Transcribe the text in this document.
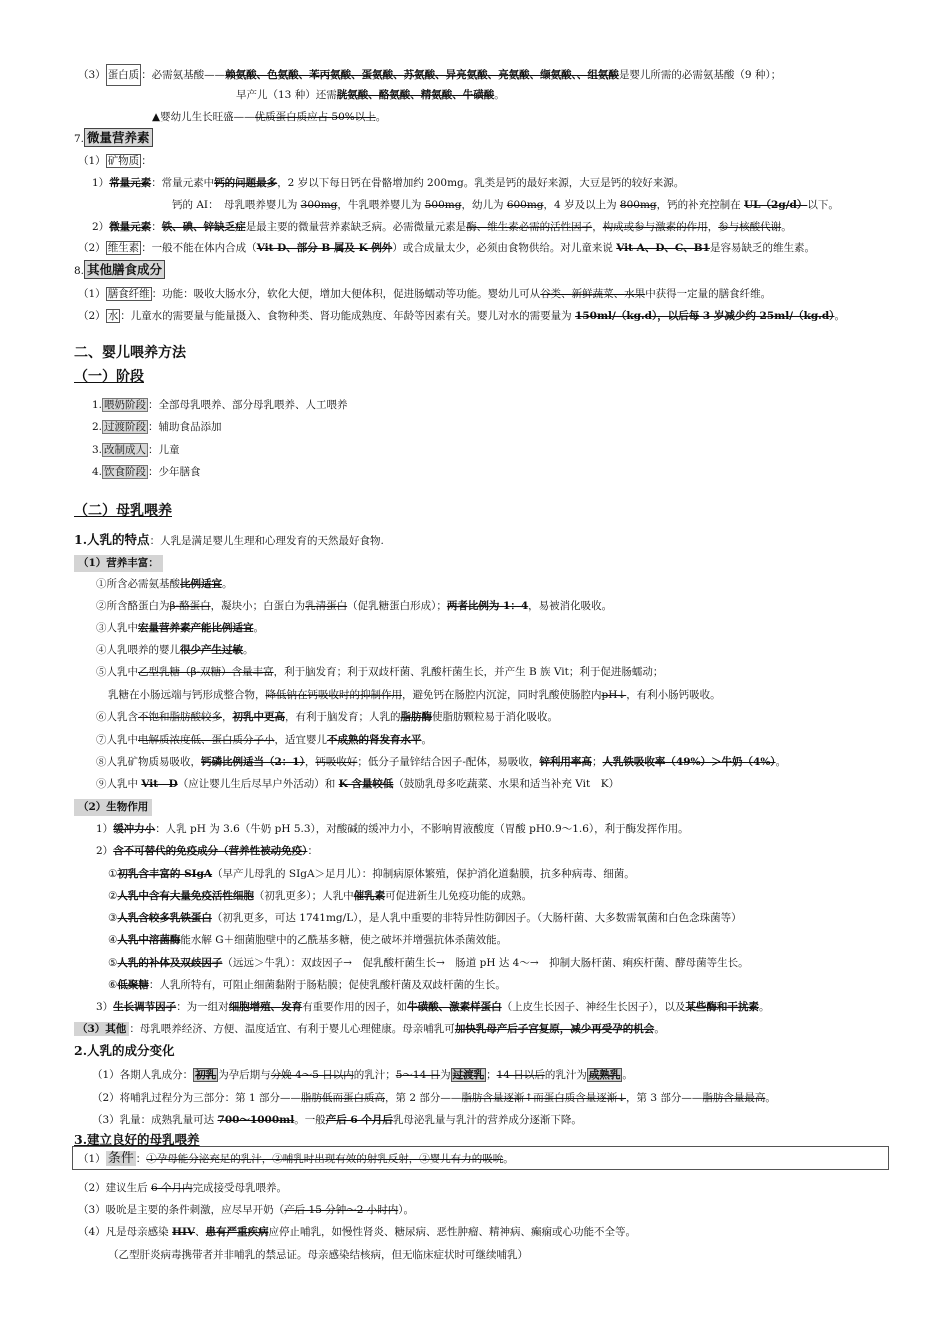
（3） 蛋白质 ：必需氨基酸——赖氨酸、色氨酸、苯丙氨酸、蛋氨酸、苏氨酸、异亮氨酸、亮氨酸、缬氨酸、、组氨酸是婴儿所需的必需氨基酸（9 种）；
早产儿（13 种）还需胱氨酸、酪氨酸、精氨酸、牛磺酸。
▲婴幼儿生长旺盛——优质蛋白质应占 50%以上。
7. 微量营养素
（1） 矿物质 ：
1）常量元素：常量元素中钙的问题最多，2 岁以下每日钙在骨骼增加约 200mg。乳类是钙的最好来源，大豆是钙的较好来源。
钙的 AI：　母乳喂养婴儿为 300mg，牛乳喂养婴儿为 500mg，幼儿为 600mg，4 岁及以上为 800mg，钙的补充控制在 UL（2g/d）以下。
2）微量元素：铁、碘、锌缺乏症是最主要的微量营养素缺乏病。必需微量元素是酶、维生素必需的活性因子，构成或参与激素的作用，参与核酸代谢。
（2） 维生素 ：一般不能在体内合成（Vit D、部分 B 属及 K 例外）或合成量太少，必须由食物供给。对儿童来说 Vit A、D、C、B1是容易缺乏的维生素。
8. 其他膳食成分
（1） 膳食纤维 ：功能：吸收大肠水分，软化大便，增加大便体积，促进肠蠕动等功能。婴幼儿可从谷类、新鲜蔬菜、水果中获得一定量的膳食纤维。
（2） 水 ：儿童水的需要量与能量摄入、食物种类、肾功能成熟度、年龄等因素有关。婴儿对水的需要量为 150ml/（kg.d），以后每 3 岁减少约 25ml/（kg.d）。
二、婴儿喂养方法
（一）阶段
1. 喂奶阶段 ：全部母乳喂养、部分母乳喂养、人工喂养
2. 过渡阶段 ：辅助食品添加
3. 改制成人 ：儿童
4. 饮食阶段 ：少年膳食
（二）母乳喂养
1.人乳的特点：人乳是满足婴儿生理和心理发育的天然最好食物.
（1）营养丰富：
①所含必需氨基酸比例适宜。
②所含酪蛋白为β-酪蛋白，凝块小；白蛋白为乳清蛋白（促乳糖蛋白形成）；两者比例为 1：4，易被消化吸收。
③人乳中宏量营养素产能比例适宜。
④人乳喂养的婴儿很少产生过敏。
⑤人乳中乙型乳糖（β-双糖）含量丰富，利于脑发育；利于双歧杆菌、乳酸杆菌生长，并产生 B 族 Vit；利于促进肠蠕动；
乳糖在小肠远端与钙形成整合物，降低钠在钙吸收时的抑制作用，避免钙在肠腔内沉淀，同时乳酸使肠腔内pH↓，有利小肠钙吸收。
⑥人乳含不饱和脂肪酸较多，初乳中更高，有利于脑发育；人乳的脂肪酶使脂肪颗粒易于消化吸收。
⑦人乳中电解质浓度低、蛋白质分子小，适宜婴儿不成熟的肾发育水平。
⑧人乳矿物质易吸收，钙磷比例适当（2：1），钙吸收好；低分子量锌结合因子-配体，易吸收，锌利用率高；人乳铁吸收率（49%）＞牛奶（4%）。
⑨人乳中 Vit　D（应让婴儿生后尽早户外活动）和 K 含量较低（鼓励乳母多吃蔬菜、水果和适当补充 Vit　K）
（2）生物作用
1）缓冲力小：人乳 pH 为 3.6（牛奶 pH 5.3），对酸碱的缓冲力小，不影响胃液酸度（胃酸 pH0.9～1.6），利于酶发挥作用。
2）含不可替代的免疫成分（营养性被动免疫）：
①初乳含丰富的 SIgA（早产儿母乳的 SIgA＞足月儿）：抑制病原体繁殖，保护消化道黏膜，抗多种病毒、细菌。
②人乳中含有大量免疫活性细胞（初乳更多）；人乳中催乳素可促进新生儿免疫功能的成熟。
③人乳含较多乳铁蛋白（初乳更多，可达 1741mg/L），是人乳中重要的非特异性防御因子。（大肠杆菌、大多数需氧菌和白色念珠菌等）
④人乳中溶菌酶能水解 G＋细菌胞壁中的乙酰基多糖，使之破坏并增强抗体杀菌效能。
⑤人乳的补体及双歧因子（远远＞牛乳）：双歧因子→　促乳酸杆菌生长→　肠道 pH 达 4～→　抑制大肠杆菌、痢疾杆菌、酵母菌等生长。
⑥低聚糖：人乳所特有，可阻止细菌黏附于肠粘膜；促使乳酸杆菌及双歧杆菌的生长。
3）生长调节因子：为一组对细胞增殖、发育有重要作用的因子，如牛磺酸、激素样蛋白（上皮生长因子、神经生长因子），以及某些酶和干扰素。
（3）其他 ：母乳喂养经济、方便、温度适宜、有利于婴儿心理健康。母亲哺乳可加快乳母产后子宫复原，减少再受孕的机会。
2.人乳的成分变化
（1）各期人乳成分： 初乳 为孕后期与分娩 4～5 日以内的乳汁；5～14 日为 过渡乳 ；14 日以后的乳汁为 成熟乳 。
（2）将哺乳过程分为三部分：第 1 部分——脂肪低而蛋白质高，第 2 部分——脂肪含量逐渐↑而蛋白质含量逐渐↓，第 3 部分——脂肪含量最高。
（3）乳量：成熟乳量可达 700～1000ml。一般产后 6 个月后乳母泌乳量与乳汁的营养成分逐渐下降。
3.建立良好的母乳喂养
（1） 条件 ：①孕母能分泌充足的乳汁，②哺乳时出现有效的射乳反射，③婴儿有力的吸吮。
（2）建议生后 6 个月内完成接受母乳喂养。
（3）吸吮是主要的条件刺激，应尽早开奶（产后 15 分钟～2 小时内）。
（4）凡是母亲感染 HIV、患有严重疾病应停止哺乳，如慢性肾炎、糖尿病、恶性肿瘤、精神病、癫痫或心功能不全等。
（乙型肝炎病毒携带者并非哺乳的禁忌证。母亲感染结核病，但无临床症状时可继续哺乳）
